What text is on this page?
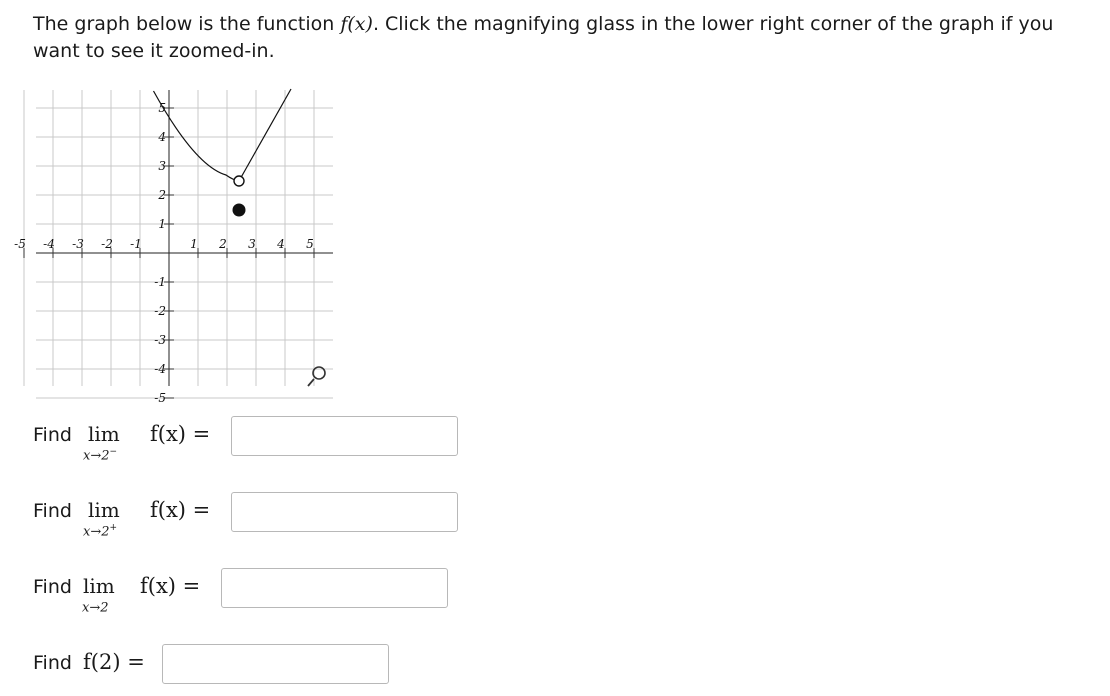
The graph below is the function f(x). Click the magnifying glass in the lower right corner of the graph if you want to see it zoomed-in.
-5 -4 -3 -2 -1	1 2 3 4 5
5
4
3
2
1
-1
-2
-3
-4
-5
Find lim
x→2−
f(x) =
Find lim
x→2+
f(x) =
Find lim
x→2
f(x) =
Find f(2) =
